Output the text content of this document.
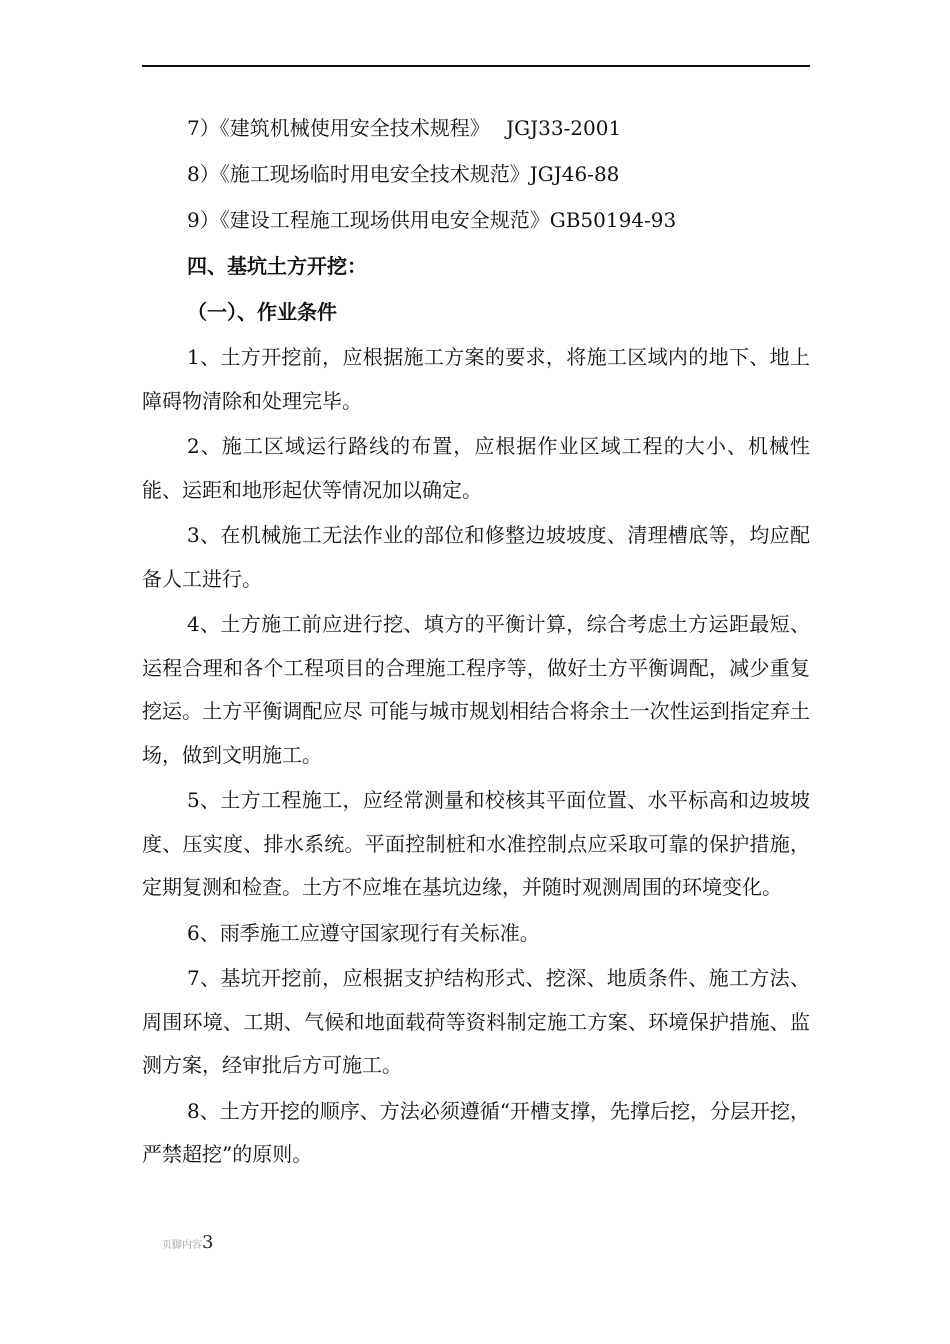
7）《建筑机械使用安全技术规程》　 JGJ33-2001
8）《施工现场临时用电安全技术规范》JGJ46-88
9）《建设工程施工现场供用电安全规范》GB50194-93
四、基坑土方开挖：
（一）、作业条件

1、土方开挖前，应根据施工方案的要求，将施工区域内的地下、地上障碍物清除和处理完毕。

2、施工区域运行路线的布置，应根据作业区域工程的大小、机械性能、运距和地形起伏等情况加以确定。

3、在机械施工无法作业的部位和修整边坡坡度、清理槽底等，均应配备人工进行。

4、土方施工前应进行挖、填方的平衡计算，综合考虑土方运距最短、运程合理和各个工程项目的合理施工程序等，做好土方平衡调配，减少重复挖运。土方平衡调配应尽 可能与城市规划相结合将余土一次性运到指定弃土场，做到文明施工。

5、土方工程施工，应经常测量和校核其平面位置、水平标高和边坡坡度、压实度、排水系统。平面控制桩和水准控制点应采取可靠的保护措施，定期复测和检查。土方不应堆在基坑边缘，并随时观测周围的环境变化。

6、雨季施工应遵守国家现行有关标准。

7、基坑开挖前，应根据支护结构形式、挖深、地质条件、施工方法、周围环境、工期、气候和地面载荷等资料制定施工方案、环境保护措施、监测方案，经审批后方可施工。

8、土方开挖的顺序、方法必须遵循“开槽支撑，先撑后挖，分层开挖，严禁超挖”的原则。

页脚内容3
